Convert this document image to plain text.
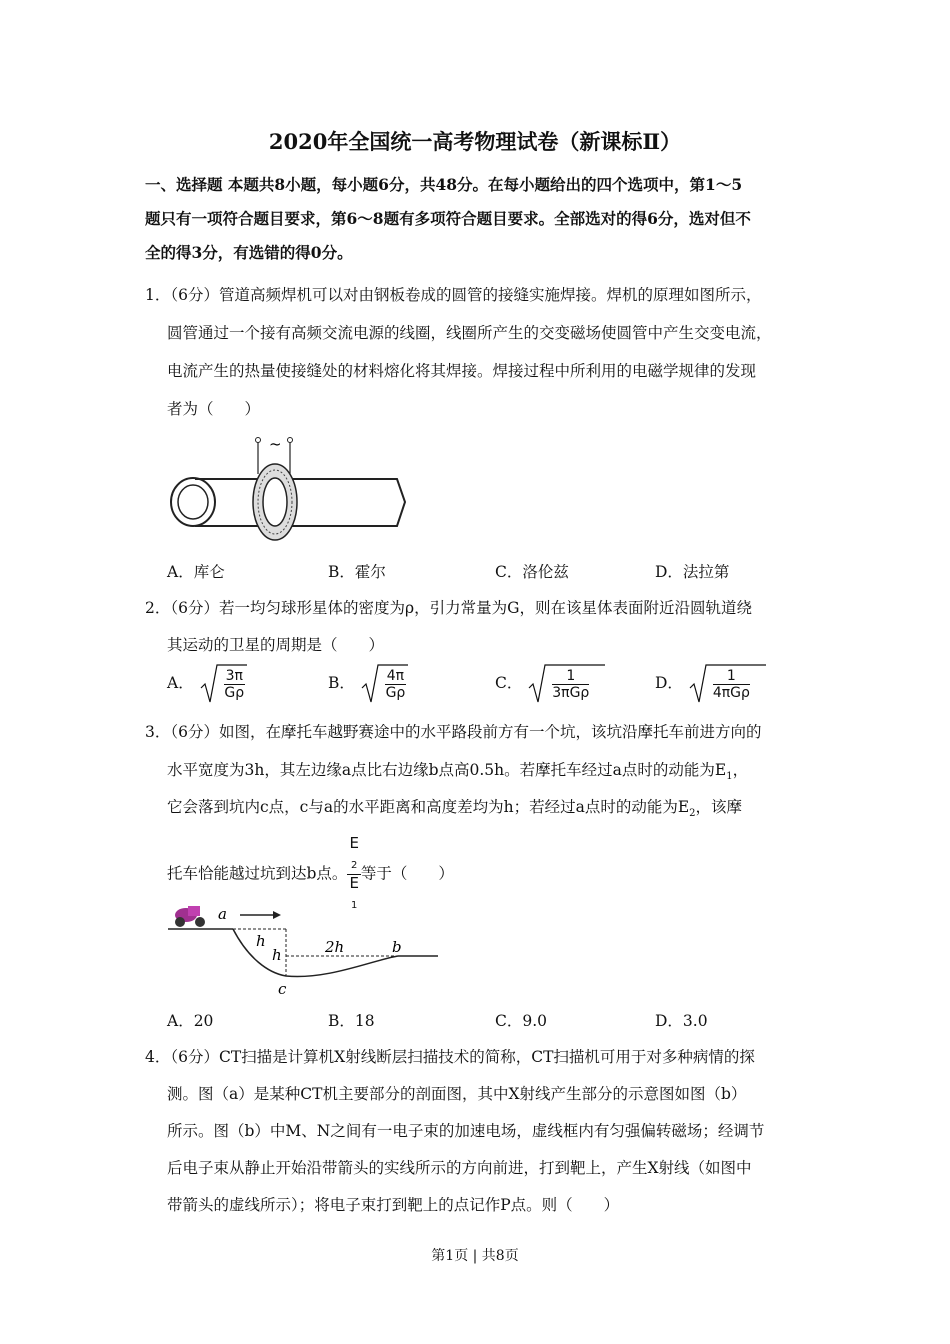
2020年全国统一高考物理试卷（新课标Ⅱ）
一、选择题 本题共8小题，每小题6分，共48分。在每小题给出的四个选项中，第1～5
题只有一项符合题目要求，第6～8题有多项符合题目要求。全部选对的得6分，选对但不
全的得3分，有选错的得0分。
1．（6分）管道高频焊机可以对由钢板卷成的圆管的接缝实施焊接。焊机的原理如图所示，
圆管通过一个接有高频交流电源的线圈，线圈所产生的交变磁场使圆管中产生交变电流，
电流产生的热量使接缝处的材料熔化将其焊接。焊接过程中所利用的电磁学规律的发现
者为（　　）
~
A．库仑	B．霍尔	C．洛伦兹	D．法拉第
2．（6分）若一均匀球形星体的密度为ρ，引力常量为G，则在该星体表面附近沿圆轨道绕
其运动的卫星的周期是（　　）
A． $\frac{3\pi}{G\rho}$	B． $\frac{4\pi}{G\rho}$	C． $\frac{1}{\text{3πGρ}}$	D． $\frac{1}{\text{4πGρ}}$
3．（6分）如图，在摩托车越野赛途中的水平路段前方有一个坑，该坑沿摩托车前进方向的
水平宽度为3h，其左边缘a点比右边缘b点高0.5h。若摩托车经过a点时的动能为$E_1$，
它会落到坑内c点，c与a的水平距离和高度差均为h；若经过a点时的动能为$E_2$，该摩
托车恰能越过坑到达b点。 E
$_2$
E
$_1$ 等于（　　）
a
h
h	2h	b
c
A．20	B．18	C．9.0	D．3.0
4．（6分）CT扫描是计算机X射线断层扫描技术的简称，CT扫描机可用于对多种病情的探
测。图（a）是某种CT机主要部分的剖面图，其中X射线产生部分的示意图如图（b）
所示。图（b）中M、N之间有一电子束的加速电场，虚线框内有匀强偏转磁场；经调节
后电子束从静止开始沿带箭头的实线所示的方向前进，打到靶上，产生X射线（如图中
带箭头的虚线所示）；将电子束打到靶上的点记作P点。则（　　）
第1页 | 共8页
